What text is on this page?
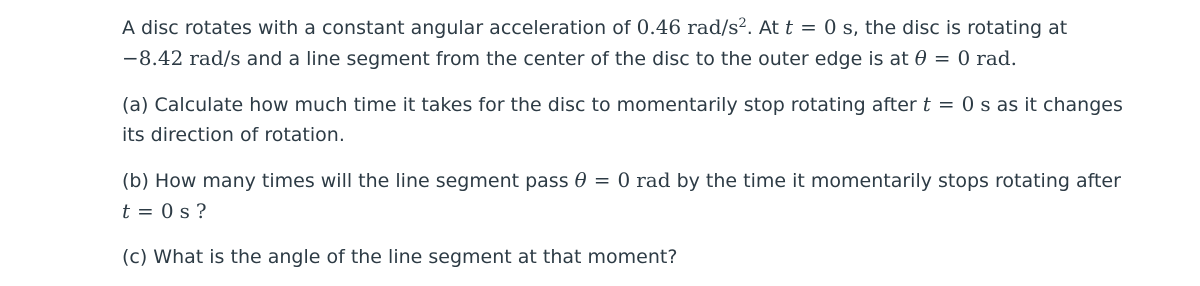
A disc rotates with a constant angular acceleration of 0.46 rad/$s^2$. At t = 0 s, the disc is rotating at
−8.42 rad/s and a line segment from the center of the disc to the outer edge is at θ = 0 rad.

(a) Calculate how much time it takes for the disc to momentarily stop rotating after t = 0 s as it changes
its direction of rotation.

(b) How many times will the line segment pass θ = 0 rad by the time it momentarily stops rotating after
t = 0 s ?

(c) What is the angle of the line segment at that moment?
